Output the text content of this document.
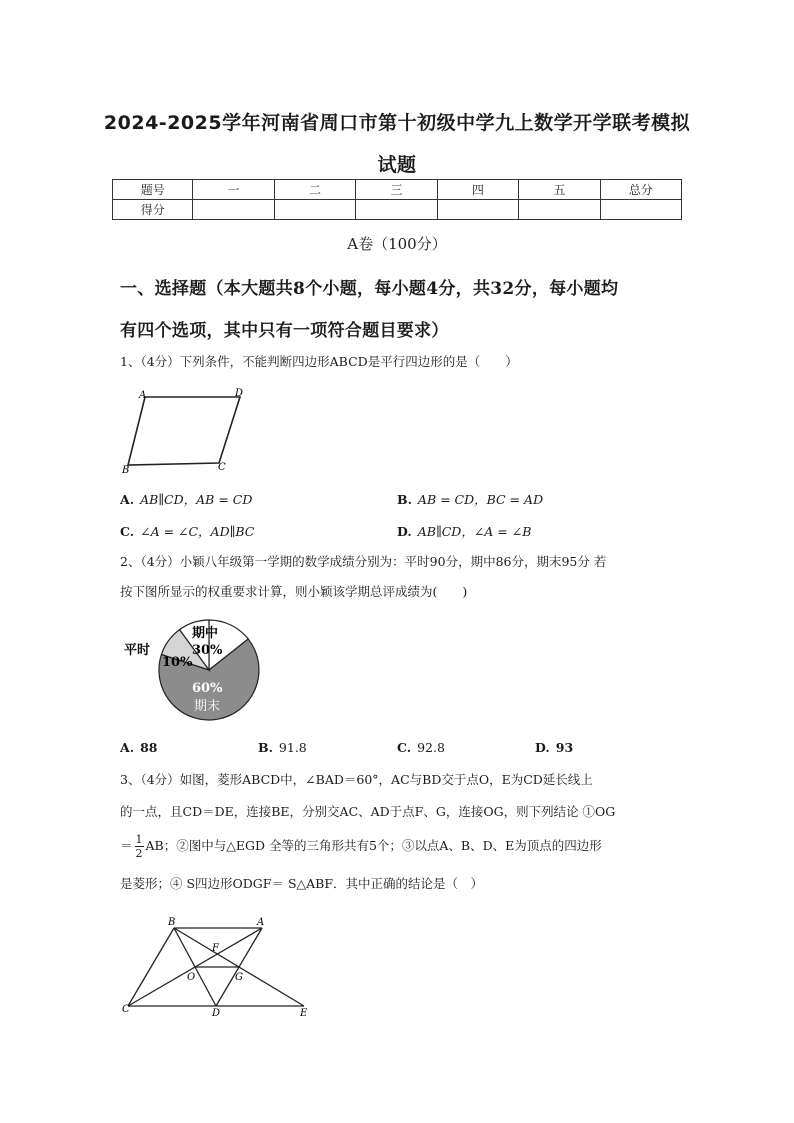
2024-2025学年河南省周口市第十初级中学九上数学开学联考模拟
试题
题号	一	二	三	四	五	总分
得分						
A卷（100分）
一、选择题（本大题共8个小题，每小题4分，共32分，每小题均
有四个选项，其中只有一项符合题目要求）
1、（4分）下列条件，不能判断四边形ABCD是平行四边形的是（　　）
A	D
B	C
A. AB∥CD，AB = CD	B. AB = CD，BC = AD
C. ∠A = ∠C，AD∥BC	D. AB∥CD，∠A = ∠B
2、（4分）小颖八年级第一学期的数学成绩分别为：平时90分，期中86分，期末95分 若
按下图所显示的权重要求计算，则小颖该学期总评成绩为(　　)
平时
期中
30%
10%
60%
期末
A. 88	B. 91.8	C. 92.8	D. 93
3、（4分）如图，菱形ABCD中，∠BAD＝60°，AC与BD交于点O，E为CD延长线上
的一点，且CD＝DE，连接BE，分别交AC、AD于点F、G，连接OG，则下列结论 ①OG
＝ $\frac{1}{2}$ AB；②图中与△EGD 全等的三角形共有5个；③以点A、B、D、E为顶点的四边形
是菱形；④ S四边形ODGF＝ S△ABF．其中正确的结论是（　）
B	A
F
O	G
C	D	E
